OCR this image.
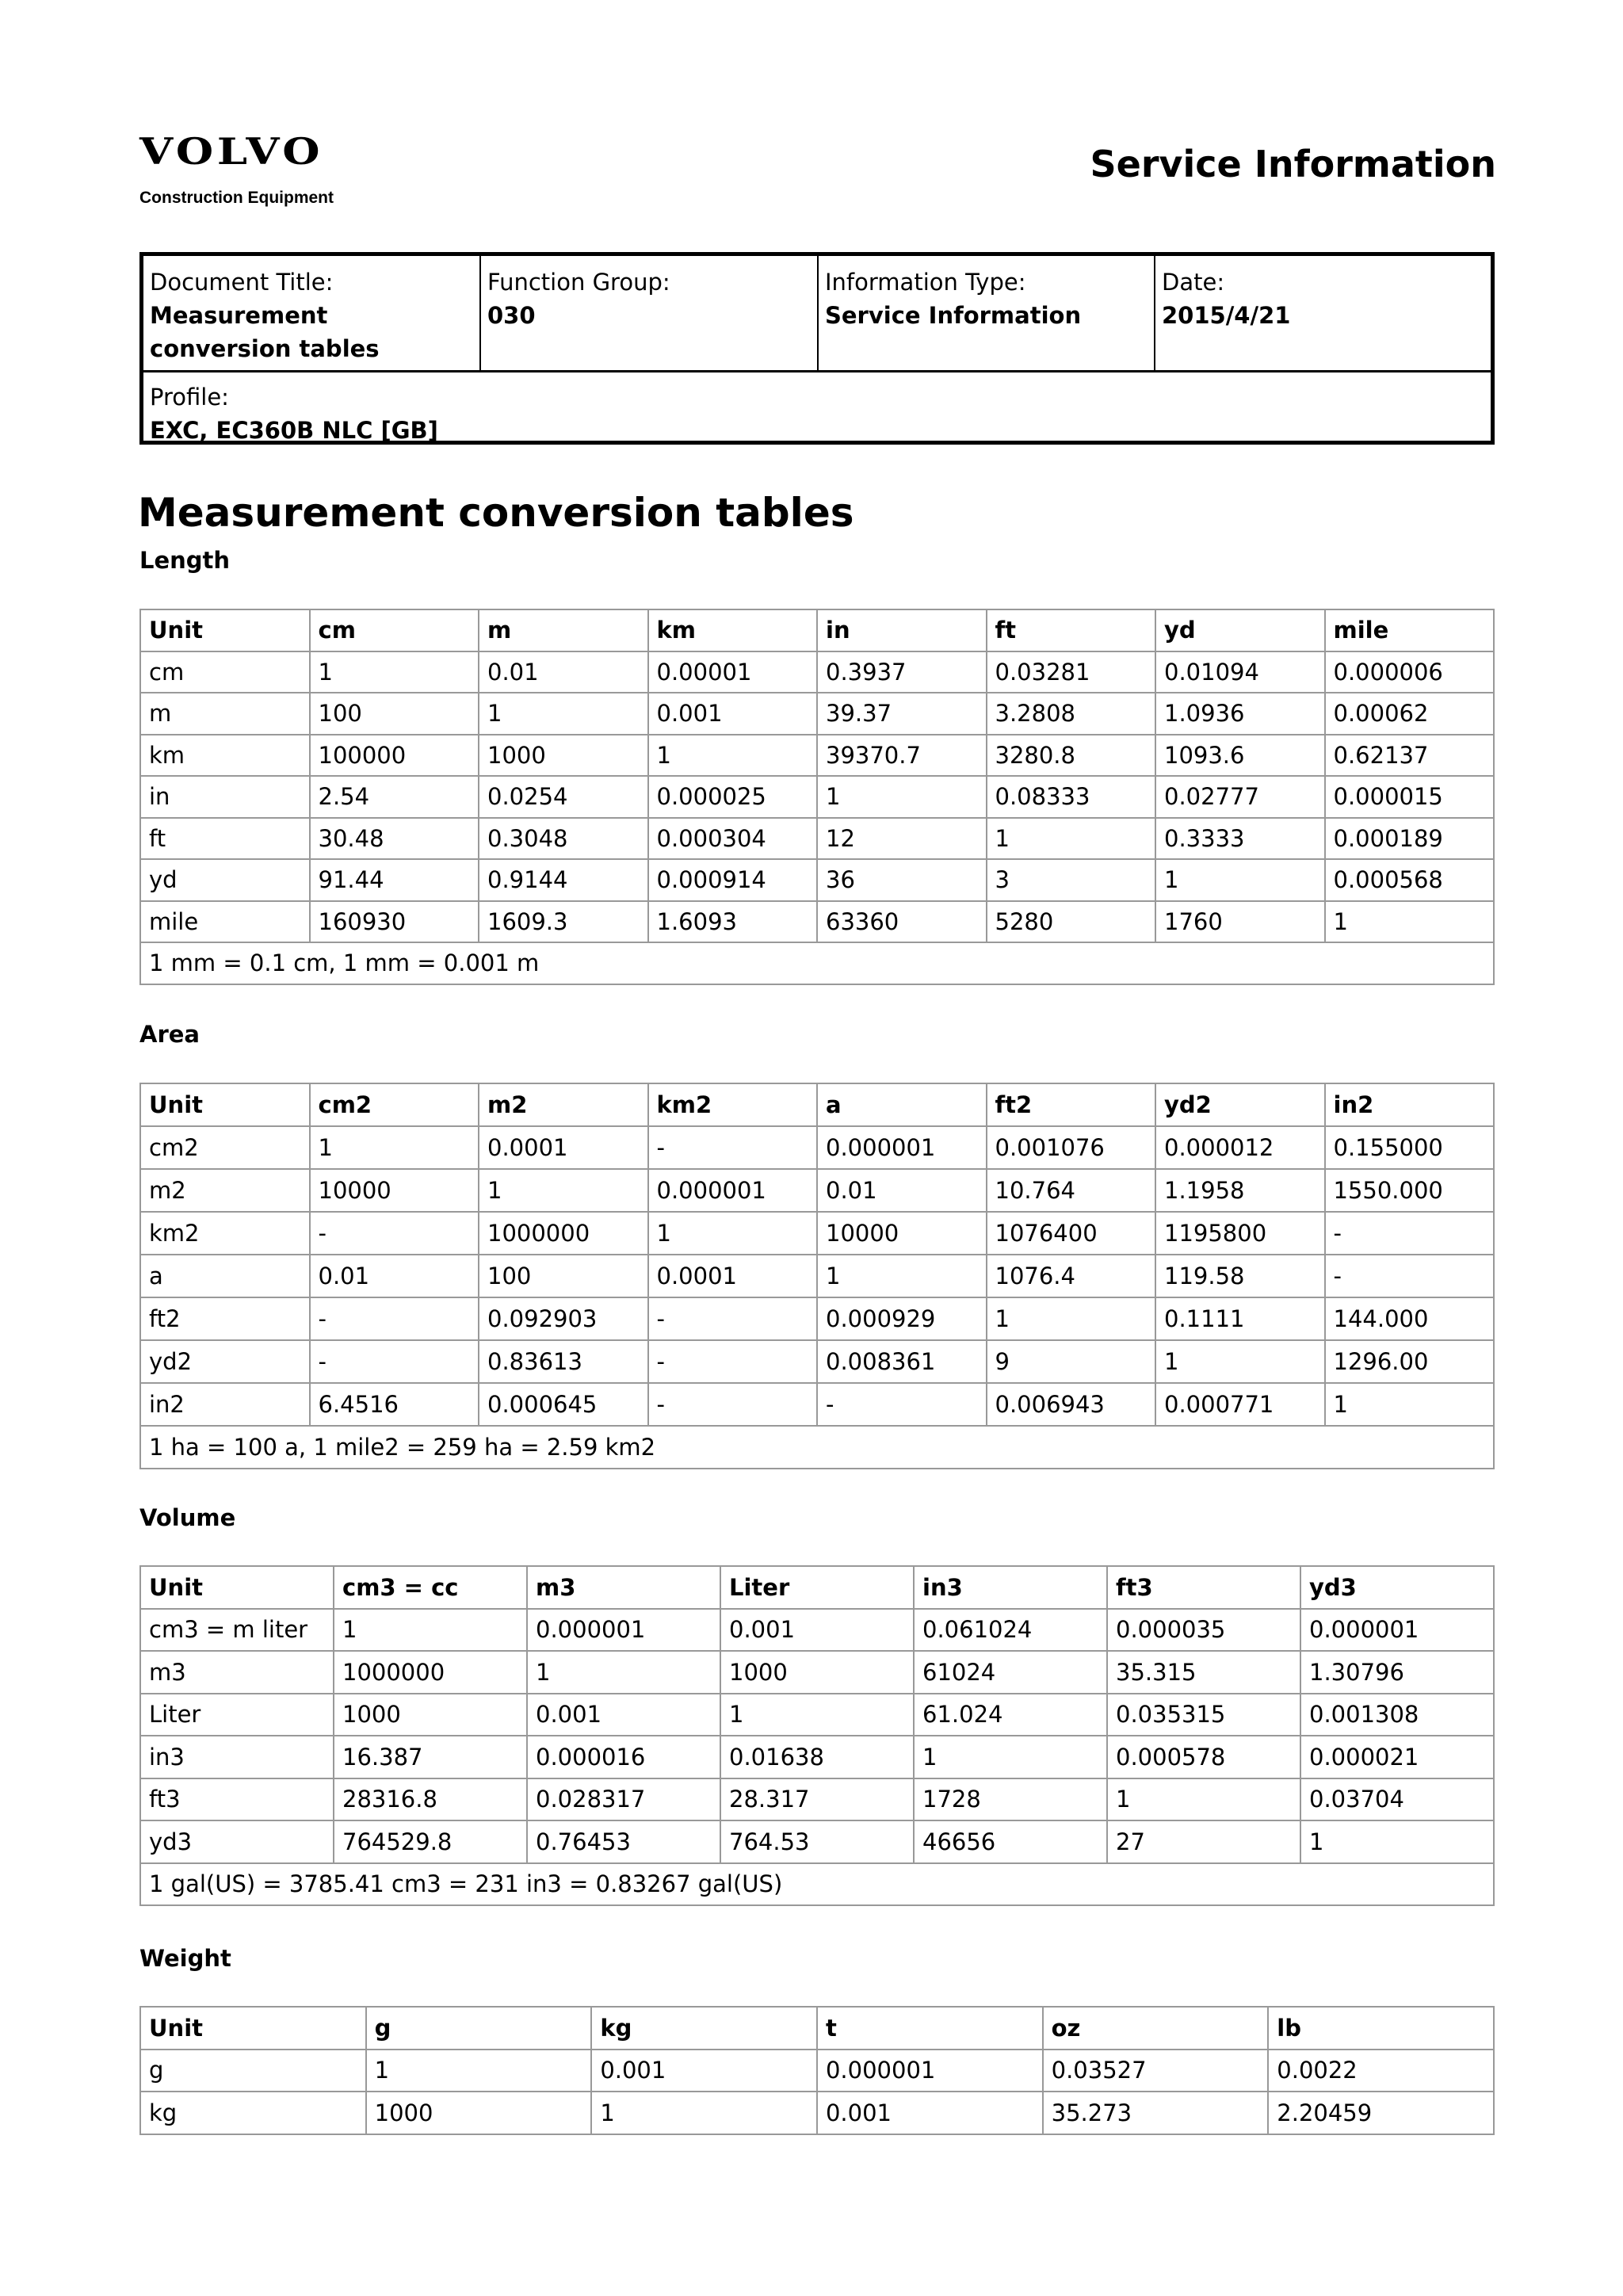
VOLVO
Construction Equipment
Service Information
Document Title:
Measurement conversion tables
Function Group:
030
Information Type:
Service Information
Date:
2015/4/21
Profile:
EXC, EC360B NLC [GB]
Measurement conversion tables
Length
Unit	cm	m	km	in	ft	yd	mile
cm	1	0.01	0.00001	0.3937	0.03281	0.01094	0.000006
m	100	1	0.001	39.37	3.2808	1.0936	0.00062
km	100000	1000	1	39370.7	3280.8	1093.6	0.62137
in	2.54	0.0254	0.000025	1	0.08333	0.02777	0.000015
ft	30.48	0.3048	0.000304	12	1	0.3333	0.000189
yd	91.44	0.9144	0.000914	36	3	1	0.000568
mile	160930	1609.3	1.6093	63360	5280	1760	1
1 mm = 0.1 cm, 1 mm = 0.001 m							
Area
Unit	cm2	m2	km2	a	ft2	yd2	in2
cm2	1	0.0001	-	0.000001	0.001076	0.000012	0.155000
m2	10000	1	0.000001	0.01	10.764	1.1958	1550.000
km2	-	1000000	1	10000	1076400	1195800	-
a	0.01	100	0.0001	1	1076.4	119.58	-
ft2	-	0.092903	-	0.000929	1	0.1111	144.000
yd2	-	0.83613	-	0.008361	9	1	1296.00
in2	6.4516	0.000645	-	-	0.006943	0.000771	1
1 ha = 100 a, 1 mile2 = 259 ha = 2.59 km2							
Volume
Unit	cm3 = cc	m3	Liter	in3	ft3	yd3
cm3 = m liter	1	0.000001	0.001	0.061024	0.000035	0.000001
m3	1000000	1	1000	61024	35.315	1.30796
Liter	1000	0.001	1	61.024	0.035315	0.001308
in3	16.387	0.000016	0.01638	1	0.000578	0.000021
ft3	28316.8	0.028317	28.317	1728	1	0.03704
yd3	764529.8	0.76453	764.53	46656	27	1
1 gal(US) = 3785.41 cm3 = 231 in3 = 0.83267 gal(US)						
Weight
Unit	g	kg	t	oz	lb
g	1	0.001	0.000001	0.03527	0.0022
kg	1000	1	0.001	35.273	2.20459
